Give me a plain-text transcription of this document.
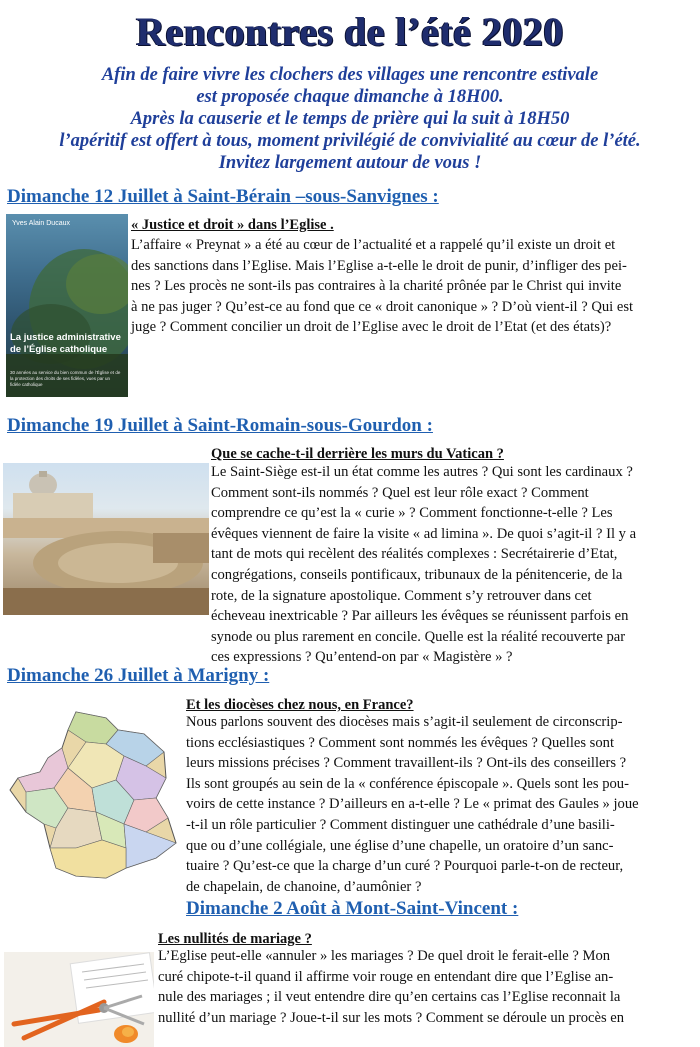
Rencontres de l’été 2020
Afin de faire vivre les clochers des villages une rencontre estivale
est proposée chaque dimanche à 18H00.
Après la causerie et le temps de prière qui la suit à 18H50
l’apéritif est offert à tous, moment privilégié de convivialité au cœur de l’été.
Invitez largement autour de vous !
Dimanche 12 Juillet à Saint-Bérain –sous-Sanvignes :
Yves Alain Ducaux
La justice administrative
de l’Église catholique
30 années au service du bien commun de l’Église et de la protection des droits de ses fidèles, vues par un fidèle catholique
« Justice et droit » dans l’Eglise .
L’affaire « Preynat » a été au cœur de l’actualité et a rappelé qu’il existe un droit et
des sanctions dans l’Eglise. Mais l’Eglise a-t-elle le droit de punir, d’infliger des pei-
nes ? Les procès ne sont-ils pas contraires à la charité prônée par le Christ qui invite
à ne pas juger ? Qu’est-ce au fond que ce « droit canonique » ? D’où vient-il ? Qui est
juge ? Comment concilier un droit de l’Eglise avec le droit de l’Etat (et des états)?
Dimanche 19 Juillet à Saint-Romain-sous-Gourdon :
Que se cache-t-il derrière les murs du Vatican ?
Le Saint-Siège est-il un état comme les autres ? Qui sont les cardinaux ?
Comment sont-ils nommés ? Quel est leur rôle exact ? Comment
comprendre ce qu’est la « curie » ? Comment fonctionne-t-elle ? Les
évêques viennent de faire la visite « ad limina ». De quoi s’agit-il ? Il y a
tant de mots qui recèlent des réalités complexes : Secrétairerie d’Etat,
congrégations, conseils pontificaux, tribunaux de la pénitencerie, de la
rote, de la signature apostolique. Comment s’y retrouver dans cet
écheveau inextricable ? Par ailleurs les évêques se réunissent parfois en
synode ou plus rarement en concile. Quelle est la réalité recouverte par
ces expressions ? Qu’entend-on par « Magistère » ?
Dimanche 26 Juillet à Marigny :
Et les diocèses chez nous, en France?
Nous parlons souvent des diocèses mais s’agit-il seulement de circonscrip-
tions ecclésiastiques ? Comment sont nommés les évêques ? Quelles sont
leurs missions précises ? Comment travaillent-ils ? Ont-ils des conseillers ?
Ils sont groupés au sein de la « conférence épiscopale ». Quels sont les pou-
voirs de cette instance ? D’ailleurs en a-t-elle ? Le « primat des Gaules » joue
-t-il un rôle particulier ? Comment distinguer une cathédrale d’une basili-
que ou d’une collégiale, une église d’une chapelle, un oratoire d’un sanc-
tuaire ? Qu’est-ce que la charge d’un curé ? Pourquoi parle-t-on de recteur,
de chapelain, de chanoine, d’aumônier ?
Dimanche 2 Août à Mont-Saint-Vincent :
Les nullités de mariage ?
L’Eglise peut-elle «annuler » les mariages ? De quel droit le ferait-elle ? Mon
curé chipote-t-il quand il affirme voir rouge en entendant dire que l’Eglise an-
nule des mariages ; il veut entendre dire qu’en certains cas l’Eglise reconnait la
nullité d’un mariage ? Joue-t-il sur les mots ? Comment se déroule un procès en
